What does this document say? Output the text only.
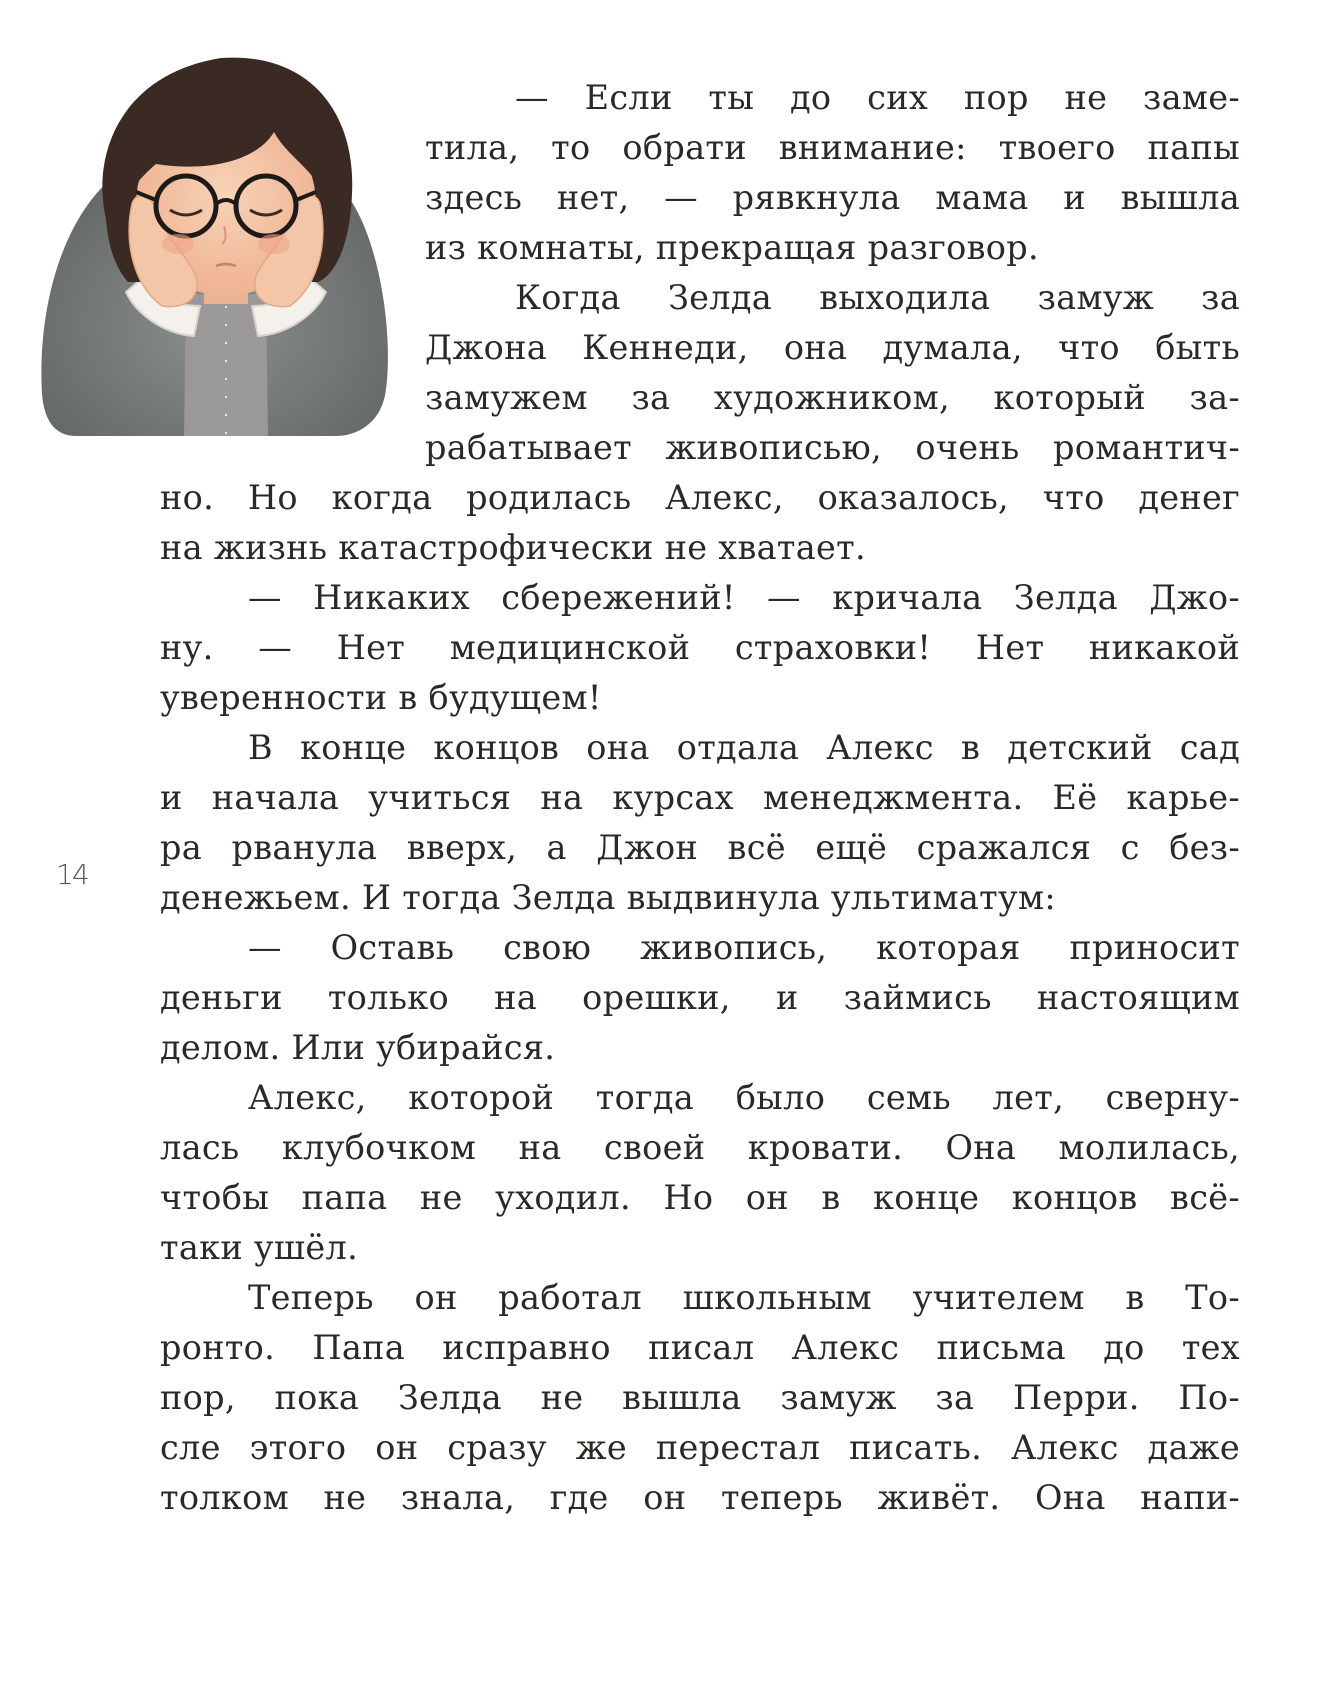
14
— Если ты до сих пор не заме-
тила, то обрати внимание: твоего папы
здесь нет, — рявкнула мама и вышла
из комнаты, прекращая разговор.
Когда Зелда выходила замуж за
Джона Кеннеди, она думала, что быть
замужем за художником, который за-
рабатывает живописью, очень романтич-
но. Но когда родилась Алекс, оказалось, что денег
на жизнь катастрофически не хватает.
— Никаких сбережений! — кричала Зелда Джо-
ну. — Нет медицинской страховки! Нет никакой
уверенности в будущем!
В конце концов она отдала Алекс в детский сад
и начала учиться на курсах менеджмента. Её карье-
ра рванула вверх, а Джон всё ещё сражался с без-
денежьем. И тогда Зелда выдвинула ультиматум:
— Оставь свою живопись, которая приносит
деньги только на орешки, и займись настоящим
делом. Или убирайся.
Алекс, которой тогда было семь лет, сверну-
лась клубочком на своей кровати. Она молилась,
чтобы папа не уходил. Но он в конце концов всё-
таки ушёл.
Теперь он работал школьным учителем в То-
ронто. Папа исправно писал Алекс письма до тех
пор, пока Зелда не вышла замуж за Перри. По-
сле этого он сразу же перестал писать. Алекс даже
толком не знала, где он теперь живёт. Она напи-
